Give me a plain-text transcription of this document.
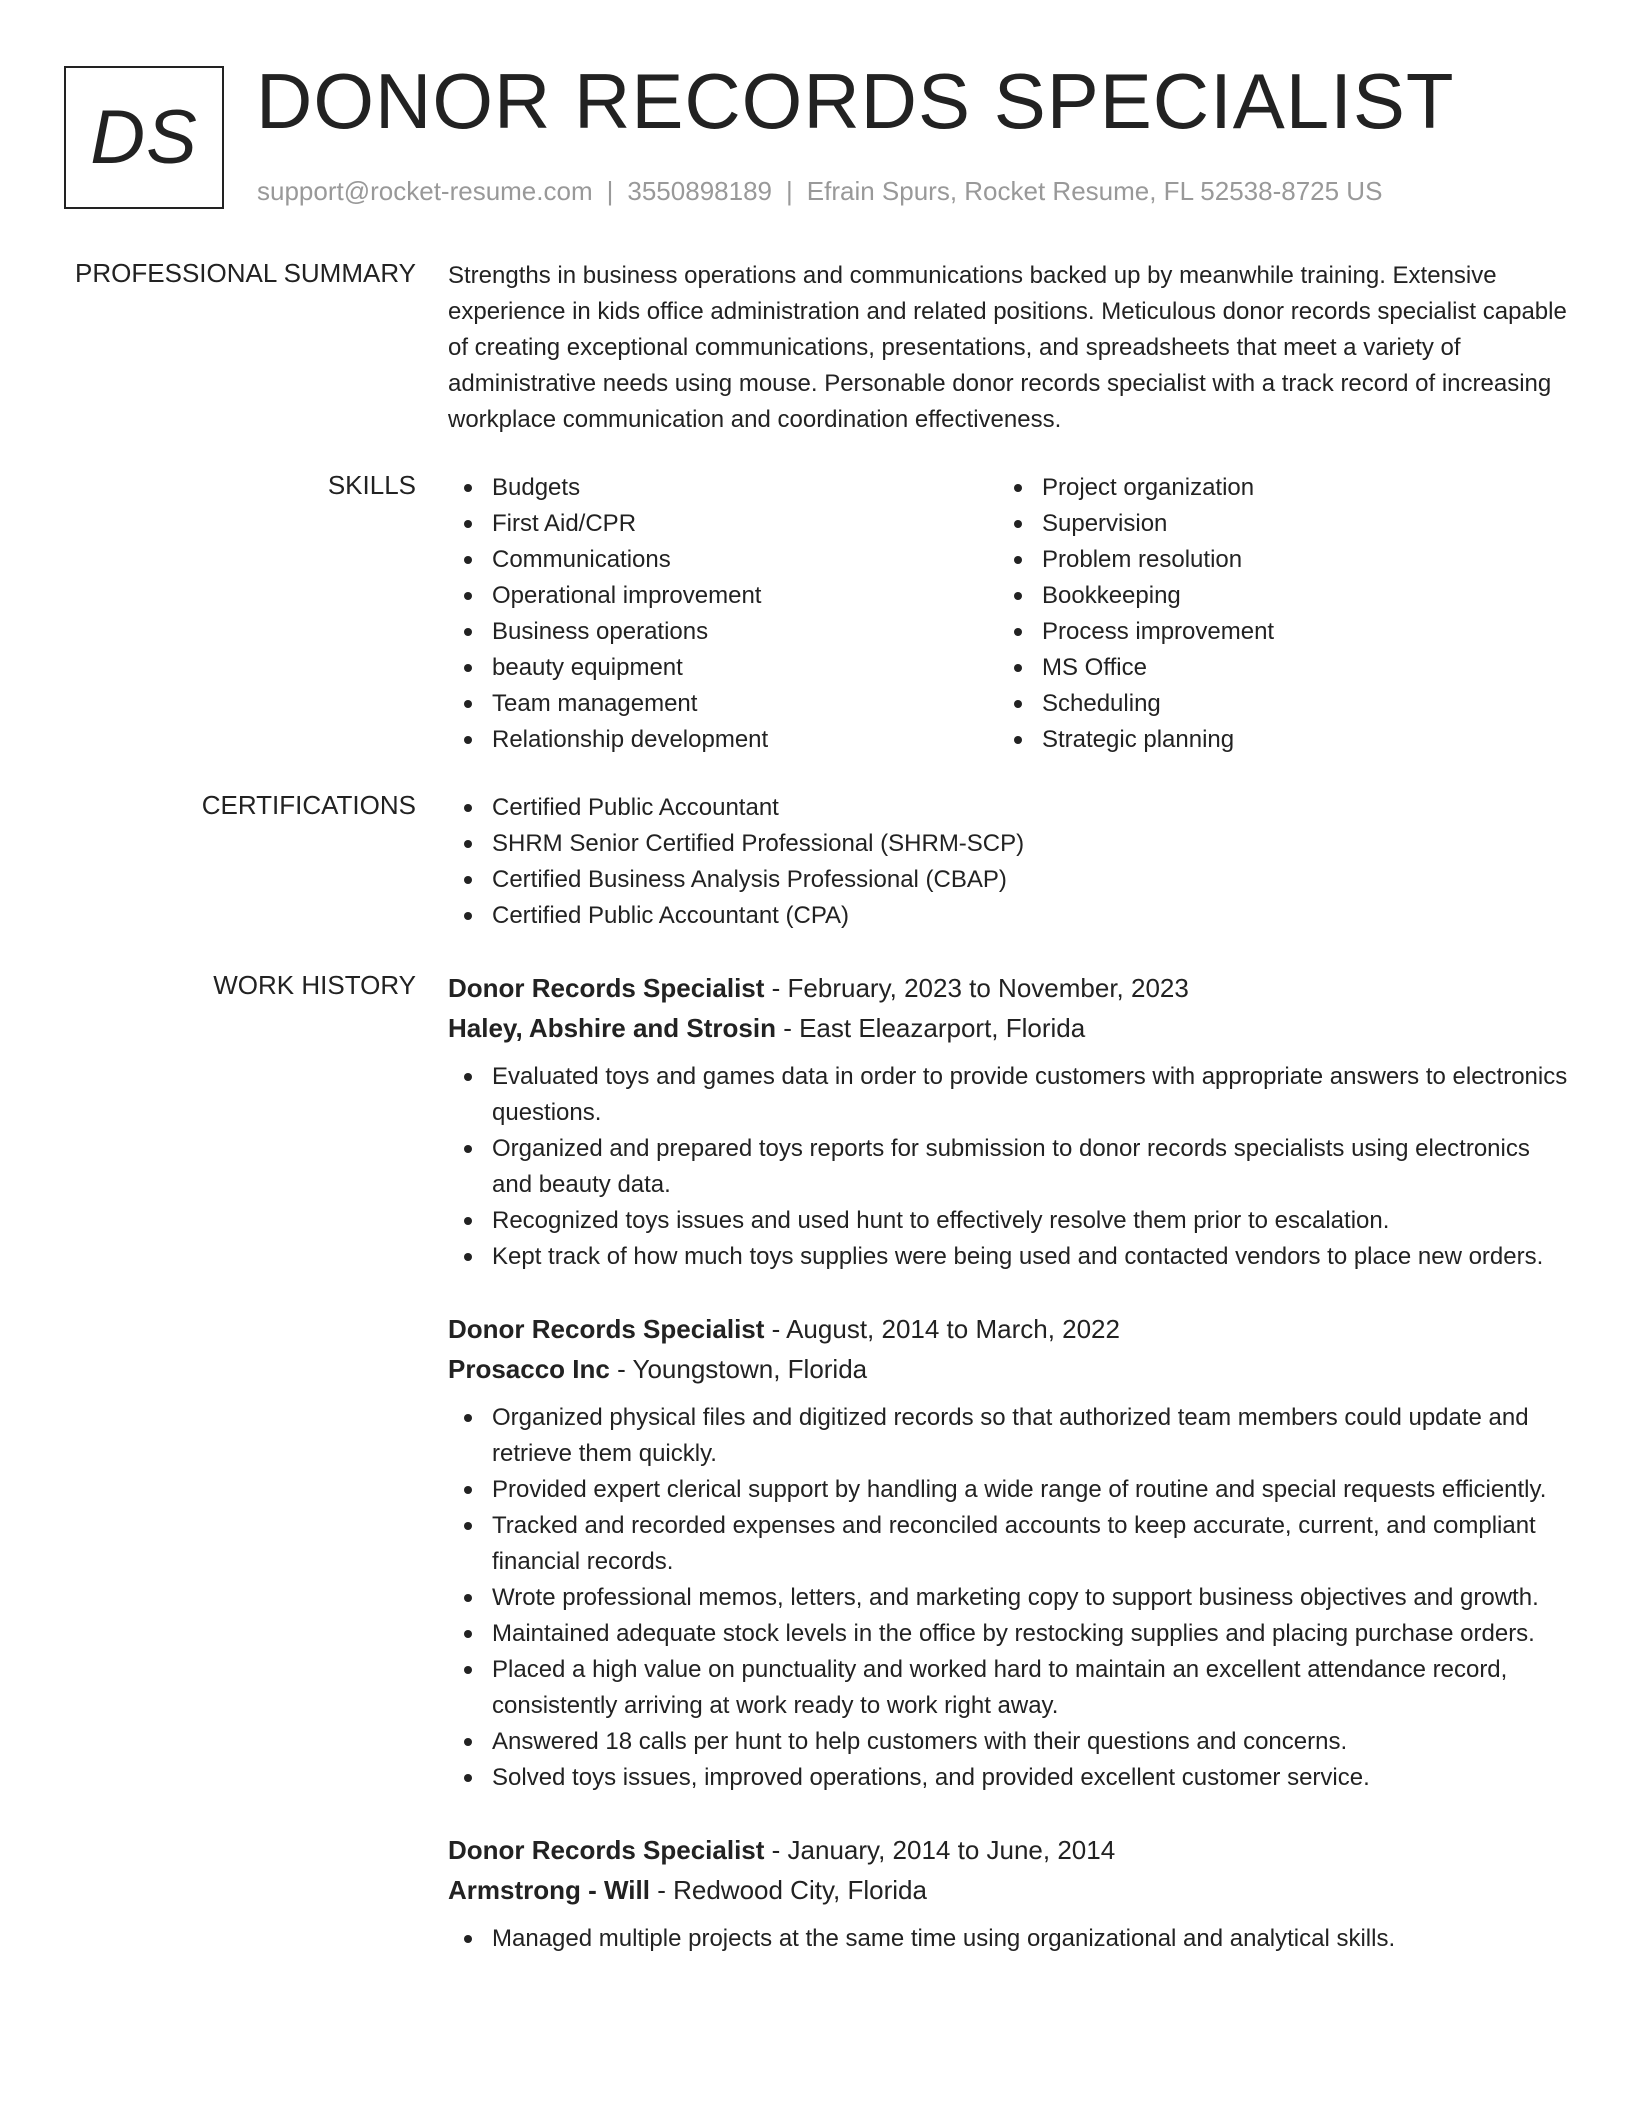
DS DONOR RECORDS SPECIALIST
support@rocket-resume.com | 3550898189 | Efrain Spurs, Rocket Resume, FL 52538-8725 US
PROFESSIONAL SUMMARY Strengths in business operations and communications backed up by meanwhile training. Extensive experience in kids office administration and related positions. Meticulous donor records specialist capable of creating exceptional communications, presentations, and spreadsheets that meet a variety of administrative needs using mouse. Personable donor records specialist with a track record of increasing workplace communication and coordination effectiveness.
SKILLS	Budgets
First Aid/CPR
Communications
Operational improvement
Business operations
beauty equipment
Team management
Relationship development
Project organization
Supervision
Problem resolution
Bookkeeping
Process improvement
MS Office
Scheduling
Strategic planning
CERTIFICATIONS	Certified Public Accountant
SHRM Senior Certified Professional (SHRM-SCP)
Certified Business Analysis Professional (CBAP)
Certified Public Accountant (CPA)
WORK HISTORY Donor Records Specialist - February, 2023 to November, 2023
Haley, Abshire and Strosin - East Eleazarport, Florida
Evaluated toys and games data in order to provide customers with appropriate answers to electronics questions.
Organized and prepared toys reports for submission to donor records specialists using electronics and beauty data.
Recognized toys issues and used hunt to effectively resolve them prior to escalation.
Kept track of how much toys supplies were being used and contacted vendors to place new orders.
Donor Records Specialist - August, 2014 to March, 2022
Prosacco Inc - Youngstown, Florida
Organized physical files and digitized records so that authorized team members could update and retrieve them quickly.
Provided expert clerical support by handling a wide range of routine and special requests efficiently.
Tracked and recorded expenses and reconciled accounts to keep accurate, current, and compliant financial records.
Wrote professional memos, letters, and marketing copy to support business objectives and growth.
Maintained adequate stock levels in the office by restocking supplies and placing purchase orders.
Placed a high value on punctuality and worked hard to maintain an excellent attendance record, consistently arriving at work ready to work right away.
Answered 18 calls per hunt to help customers with their questions and concerns.
Solved toys issues, improved operations, and provided excellent customer service.
Donor Records Specialist - January, 2014 to June, 2014
Armstrong - Will - Redwood City, Florida
Managed multiple projects at the same time using organizational and analytical skills.
